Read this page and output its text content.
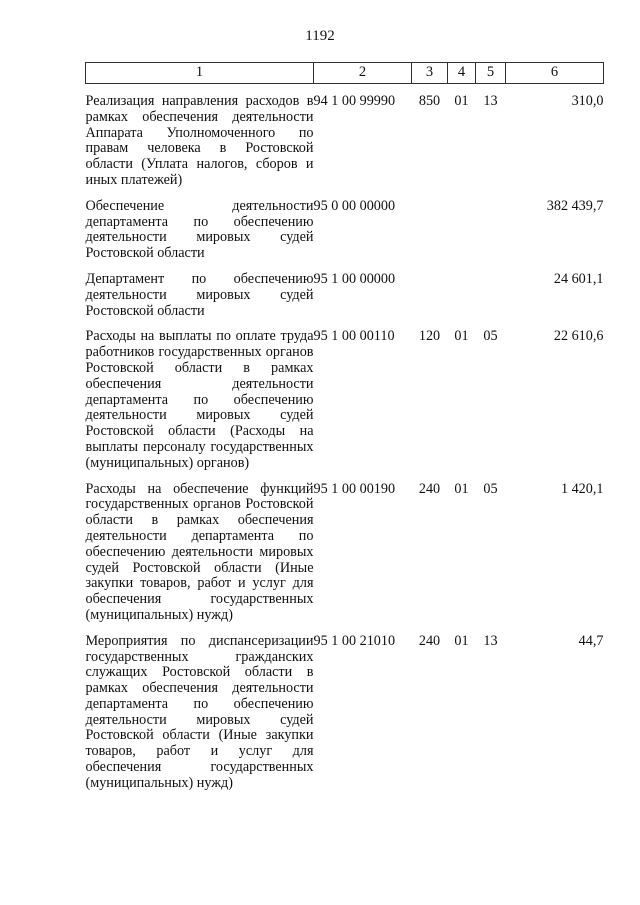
1192
1	2	3	4	5	6

Реализация направления расходов в рамках обеспечения деятельности Аппарата Уполномоченного по правам человека в Ростовской области (Уплата налогов, сборов и иных платежей)	94 1 00 99990	850	01	13	310,0

Обеспечение деятельности департамента по обеспечению деятельности мировых судей Ростовской области	95 0 00 00000				382 439,7

Департамент по обеспечению деятельности мировых судей Ростовской области	95 1 00 00000				24 601,1

Расходы на выплаты по оплате труда работников государственных органов Ростовской области в рамках обеспечения деятельности департамента по обеспечению деятельности мировых судей Ростовской области (Расходы на выплаты персоналу государственных (муниципальных) органов)	95 1 00 00110	120	01	05	22 610,6

Расходы на обеспечение функций государственных органов Ростовской области в рамках обеспечения деятельности департамента по обеспечению деятельности мировых судей Ростовской области (Иные закупки товаров, работ и услуг для обеспечения государственных (муниципальных) нужд)	95 1 00 00190	240	01	05	1 420,1

Мероприятия по диспансеризации государственных гражданских служащих Ростовской области в рамках обеспечения деятельности департамента по обеспечению деятельности мировых судей Ростовской области (Иные закупки товаров, работ и услуг для обеспечения государственных (муниципальных) нужд)	95 1 00 21010	240	01	13	44,7
